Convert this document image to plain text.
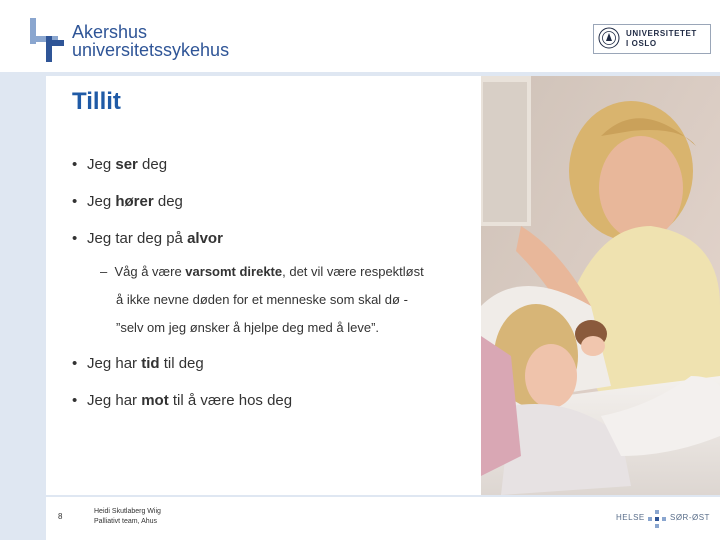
Akershus
universitetssykehus
UNIVERSITETET
I OSLO
Tillit
• Jeg ser deg
• Jeg hører deg
• Jeg tar deg på alvor
– Våg å være varsomt direkte, det vil være respektløst
å ikke nevne døden for et menneske som skal dø -
”selv om jeg ønsker å hjelpe deg med å leve”.
• Jeg har tid til deg
• Jeg har mot til å være hos deg
8
Heidi Skutlaberg Wiig
Palliativt team, Ahus	HELSE	SØR-ØST
